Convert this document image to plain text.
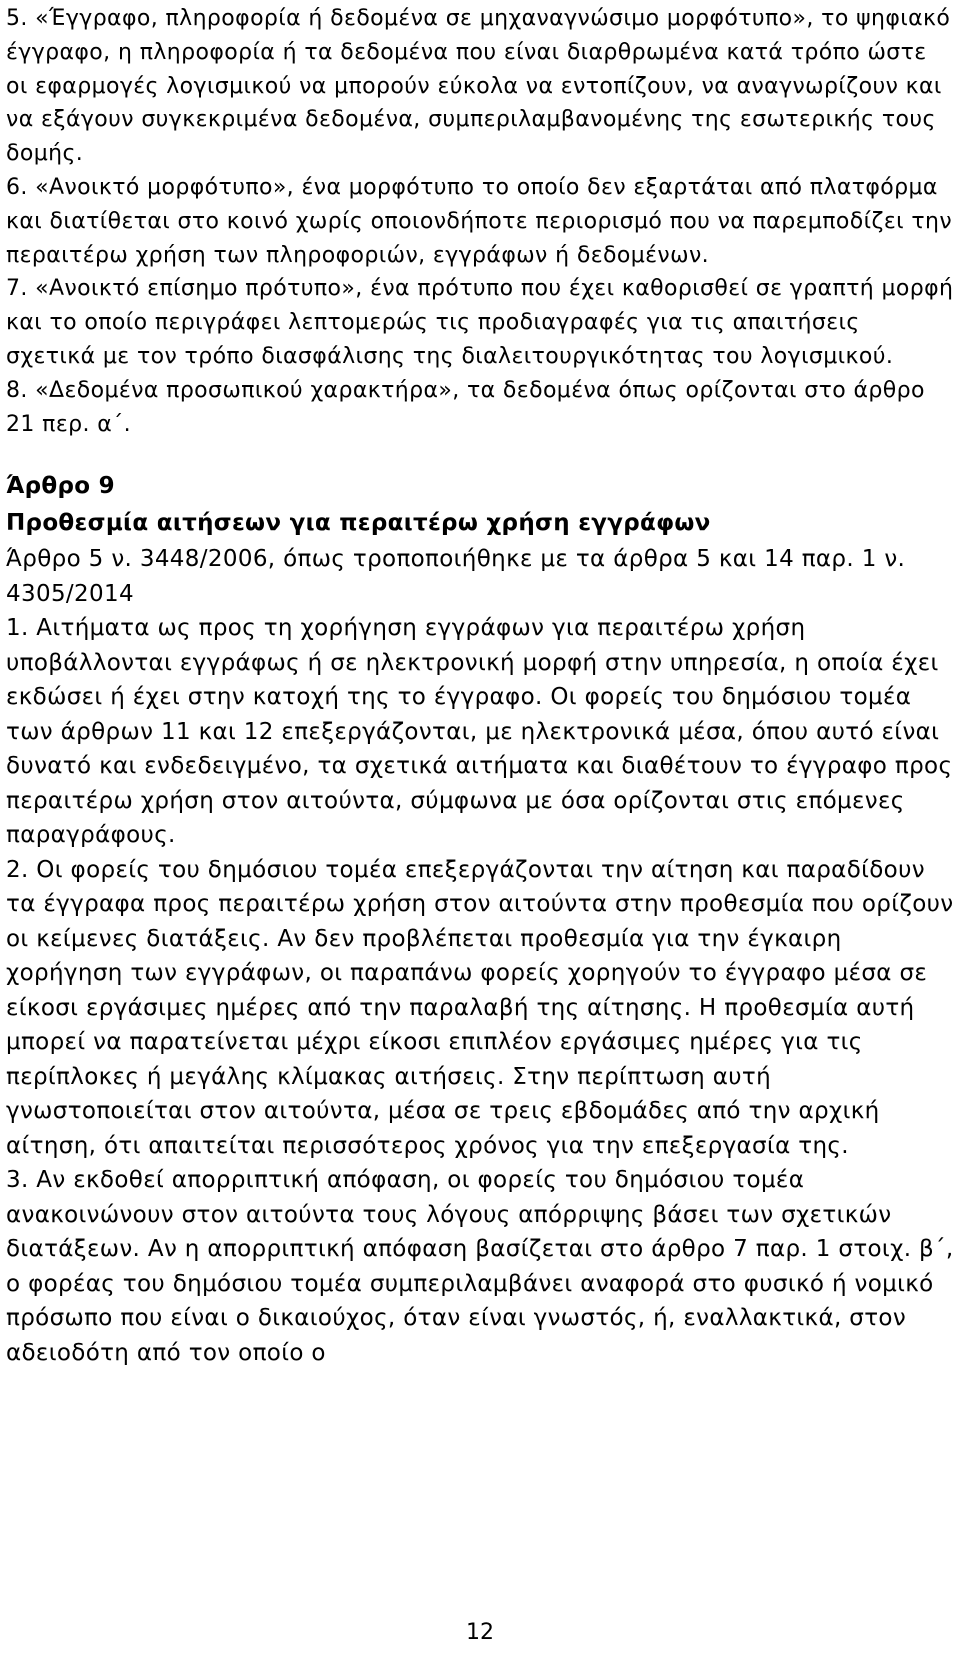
5. «Έγγραφο, πληροφορία ή δεδομένα σε μηχαναγνώσιμο μορφότυπο», το ψηφιακό έγγραφο, η πληροφορία ή τα δεδομένα που είναι διαρθρωμένα κατά τρόπο ώστε οι εφαρμογές λογισμικού να μπορούν εύκολα να εντοπίζουν, να αναγνωρίζουν και να εξάγουν συγκεκριμένα δεδομένα, συμπεριλαμβανομένης της εσωτερικής τους δομής.

6. «Ανοικτό μορφότυπο», ένα μορφότυπο το οποίο δεν εξαρτάται από πλατφόρμα και διατίθεται στο κοινό χωρίς οποιονδήποτε περιορισμό που να παρεμποδίζει την περαιτέρω χρήση των πληροφοριών, εγγράφων ή δεδομένων.

7. «Ανοικτό επίσημο πρότυπο», ένα πρότυπο που έχει καθορισθεί σε γραπτή μορφή και το οποίο περιγράφει λεπτομερώς τις προδιαγραφές για τις απαιτήσεις σχετικά με τον τρόπο διασφάλισης της διαλειτουργικότητας του λογισμικού.

8. «Δεδομένα προσωπικού χαρακτήρα», τα δεδομένα όπως ορίζονται στο άρθρο 21 περ. α΄.

Άρθρο 9

Προθεσμία αιτήσεων για περαιτέρω χρήση εγγράφων

Άρθρο 5 ν. 3448/2006, όπως τροποποιήθηκε με τα άρθρα 5 και 14 παρ. 1 ν. 4305/2014

1. Αιτήματα ως προς τη χορήγηση εγγράφων για περαιτέρω χρήση υποβάλλονται εγγράφως ή σε ηλεκτρονική μορφή στην υπηρεσία, η οποία έχει εκδώσει ή έχει στην κατοχή της το έγγραφο. Οι φορείς του δημόσιου τομέα των άρθρων 11 και 12 επεξεργάζονται, με ηλεκτρονικά μέσα, όπου αυτό είναι δυνατό και ενδεδειγμένο, τα σχετικά αιτήματα και διαθέτουν το έγγραφο προς περαιτέρω χρήση στον αιτούντα, σύμφωνα με όσα ορίζονται στις επόμενες παραγράφους.

2. Οι φορείς του δημόσιου τομέα επεξεργάζονται την αίτηση και παραδίδουν τα έγγραφα προς περαιτέρω χρήση στον αιτούντα στην προθεσμία που ορίζουν οι κείμενες διατάξεις. Αν δεν προβλέπεται προθεσμία για την έγκαιρη χορήγηση των εγγράφων, οι παραπάνω φορείς χορηγούν το έγγραφο μέσα σε είκοσι εργάσιμες ημέρες από την παραλαβή της αίτησης. Η προθεσμία αυτή μπορεί να παρατείνεται μέχρι είκοσι επιπλέον εργάσιμες ημέρες για τις περίπλοκες ή μεγάλης κλίμακας αιτήσεις. Στην περίπτωση αυτή γνωστοποιείται στον αιτούντα, μέσα σε τρεις εβδομάδες από την αρχική αίτηση, ότι απαιτείται περισσότερος χρόνος για την επεξεργασία της.

3. Αν εκδοθεί απορριπτική απόφαση, οι φορείς του δημόσιου τομέα ανακοινώνουν στον αιτούντα τους λόγους απόρριψης βάσει των σχετικών διατάξεων. Αν η απορριπτική απόφαση βασίζεται στο άρθρο 7 παρ. 1 στοιχ. β΄, ο φορέας του δημόσιου τομέα συμπεριλαμβάνει αναφορά στο φυσικό ή νομικό πρόσωπο που είναι ο δικαιούχος, όταν είναι γνωστός, ή, εναλλακτικά, στον αδειοδότη από τον οποίο ο

12
